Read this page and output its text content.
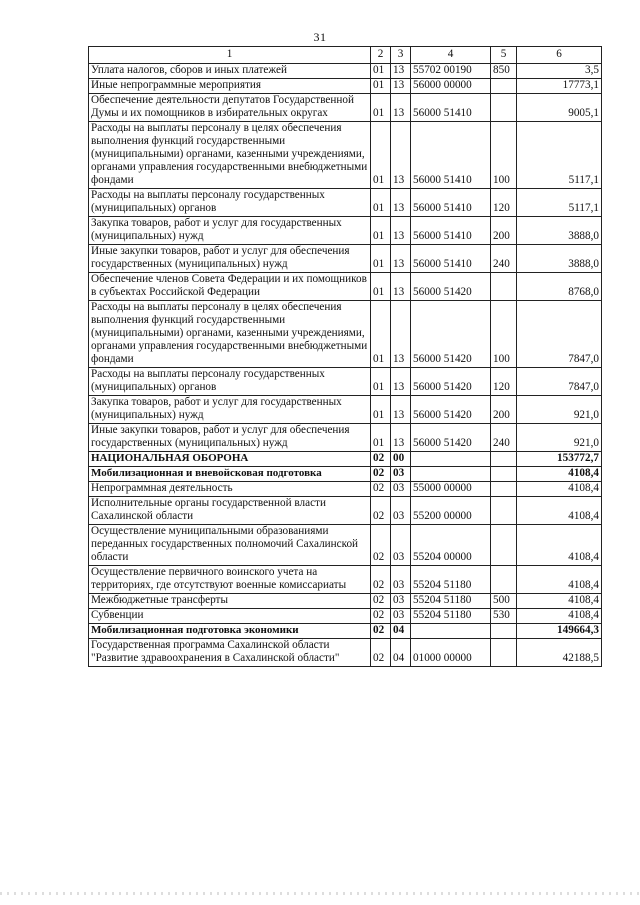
31
1	2	3	4	5	6
Уплата налогов, сборов и иных платежей	01	13	55702 00190	850	3,5
Иные непрограммные мероприятия	01	13	56000 00000		17773,1
Обеспечение деятельности депутатов Государственной Думы и их помощников в избирательных округах	01	13	56000 51410		9005,1
Расходы на выплаты персоналу в целях обеспечения выполнения функций государственными (муниципальными) органами, казенными учреждениями, органами управления государственными внебюджетными фондами	01	13	56000 51410	100	5117,1
Расходы на выплаты персоналу государственных (муниципальных) органов	01	13	56000 51410	120	5117,1
Закупка товаров, работ и услуг для государственных (муниципальных) нужд	01	13	56000 51410	200	3888,0
Иные закупки товаров, работ и услуг для обеспечения государственных (муниципальных) нужд	01	13	56000 51410	240	3888,0
Обеспечение членов Совета Федерации и их помощников в субъектах Российской Федерации	01	13	56000 51420		8768,0
Расходы на выплаты персоналу в целях обеспечения выполнения функций государственными (муниципальными) органами, казенными учреждениями, органами управления государственными внебюджетными фондами	01	13	56000 51420	100	7847,0
Расходы на выплаты персоналу государственных (муниципальных) органов	01	13	56000 51420	120	7847,0
Закупка товаров, работ и услуг для государственных (муниципальных) нужд	01	13	56000 51420	200	921,0
Иные закупки товаров, работ и услуг для обеспечения государственных (муниципальных) нужд	01	13	56000 51420	240	921,0
НАЦИОНАЛЬНАЯ ОБОРОНА	02	00			153772,7
Мобилизационная и вневойсковая подготовка	02	03			4108,4
Непрограммная деятельность	02	03	55000 00000		4108,4
Исполнительные органы государственной власти Сахалинской области	02	03	55200 00000		4108,4
Осуществление муниципальными образованиями переданных государственных полномочий Сахалинской области	02	03	55204 00000		4108,4
Осуществление первичного воинского учета на территориях, где отсутствуют военные комиссариаты	02	03	55204 51180		4108,4
Межбюджетные трансферты	02	03	55204 51180	500	4108,4
Субвенции	02	03	55204 51180	530	4108,4
Мобилизационная подготовка экономики	02	04			149664,3
Государственная программа Сахалинской области "Развитие здравоохранения в Сахалинской области"	02	04	01000 00000		42188,5
